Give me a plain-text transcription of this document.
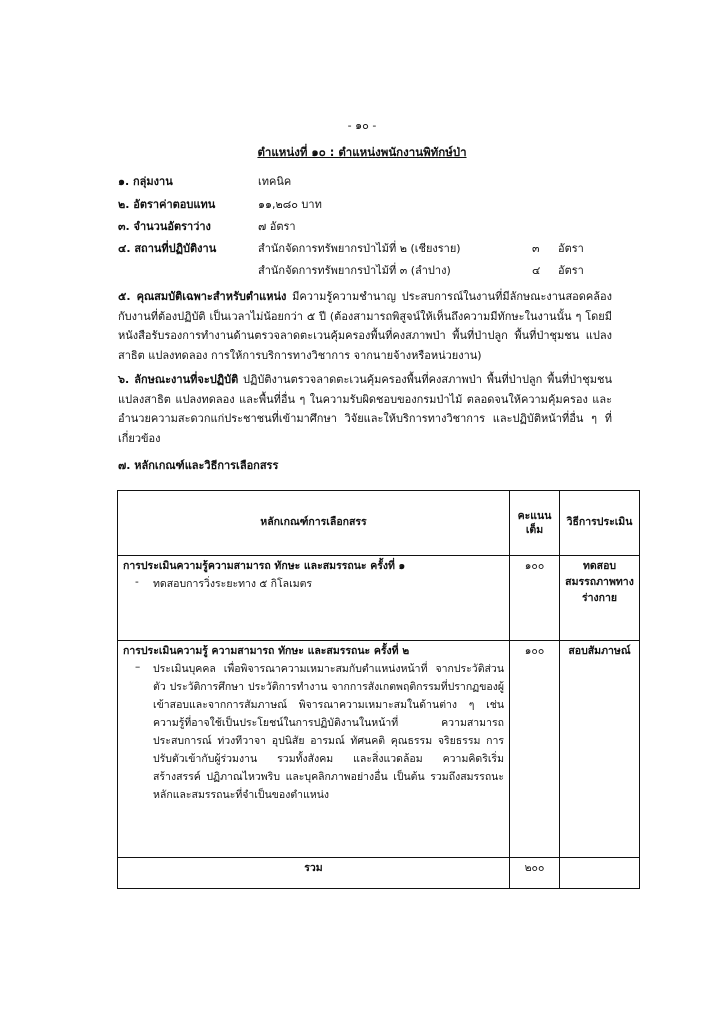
- ๑๐ -
ตำแหน่งที่ ๑๐ : ตำแหน่งพนักงานพิทักษ์ป่า
๑. กลุ่มงาน	เทคนิค
๒. อัตราค่าตอบแทน	๑๑,๒๘๐ บาท
๓. จำนวนอัตราว่าง	๗ อัตรา
๔. สถานที่ปฏิบัติงาน	สำนักจัดการทรัพยากรป่าไม้ที่ ๒ (เชียงราย)	๓ อัตรา
สำนักจัดการทรัพยากรป่าไม้ที่ ๓ (ลำปาง)	๔ อัตรา
๕. คุณสมบัติเฉพาะสำหรับตำแหน่ง มีความรู้ความชำนาญ ประสบการณ์ในงานที่มีลักษณะงานสอดคล้องกับงานที่ต้องปฏิบัติ เป็นเวลาไม่น้อยกว่า ๕ ปี (ต้องสามารถพิสูจน์ให้เห็นถึงความมีทักษะในงานนั้น ๆ โดยมีหนังสือรับรองการทำงานด้านตรวจลาดตะเวนคุ้มครองพื้นที่คงสภาพป่า พื้นที่ป่าปลูก พื้นที่ป่าชุมชน แปลงสาธิต แปลงทดลอง การให้การบริการทางวิชาการ จากนายจ้างหรือหน่วยงาน)
๖. ลักษณะงานที่จะปฏิบัติ ปฏิบัติงานตรวจลาดตะเวนคุ้มครองพื้นที่คงสภาพป่า พื้นที่ป่าปลูก พื้นที่ป่าชุมชน แปลงสาธิต แปลงทดลอง และพื้นที่อื่น ๆ ในความรับผิดชอบของกรมป่าไม้ ตลอดจนให้ความคุ้มครอง และอำนวยความสะดวกแก่ประชาชนที่เข้ามาศึกษา วิจัยและให้บริการทางวิชาการ และปฏิบัติหน้าที่อื่น ๆ ที่เกี่ยวข้อง
๗. หลักเกณฑ์และวิธีการเลือกสรร
หลักเกณฑ์การเลือกสรร	คะแนนเต็ม	วิธีการประเมิน

การประเมินความรู้ความสามารถ ทักษะ และสมรรถนะ ครั้งที่ ๑
- ทดสอบการวิ่งระยะทาง ๕ กิโลเมตร	๑๐๐	ทดสอบสมรรถภาพทางร่างกาย

การประเมินความรู้ ความสามารถ ทักษะ และสมรรถนะ ครั้งที่ ๒
– ประเมินบุคคล เพื่อพิจารณาความเหมาะสมกับตำแหน่งหน้าที่ จากประวัติส่วนตัว ประวัติการศึกษา ประวัติการทำงาน จากการสังเกตพฤติกรรมที่ปรากฏของผู้เข้าสอบและจากการสัมภาษณ์ พิจารณาความเหมาะสมในด้านต่าง ๆ เช่น ความรู้ที่อาจใช้เป็นประโยชน์ในการปฏิบัติงานในหน้าที่ ความสามารถ ประสบการณ์ ท่วงทีวาจา อุปนิสัย อารมณ์ ทัศนคติ คุณธรรม จริยธรรม การปรับตัวเข้ากับผู้ร่วมงาน รวมทั้งสังคม และสิ่งแวดล้อม ความคิดริเริ่ม สร้างสรรค์ ปฏิภาณไหวพริบ และบุคลิกภาพอย่างอื่น เป็นต้น รวมถึงสมรรถนะหลักและสมรรถนะที่จำเป็นของตำแหน่ง	๑๐๐	สอบสัมภาษณ์
รวม	๒๐๐	
